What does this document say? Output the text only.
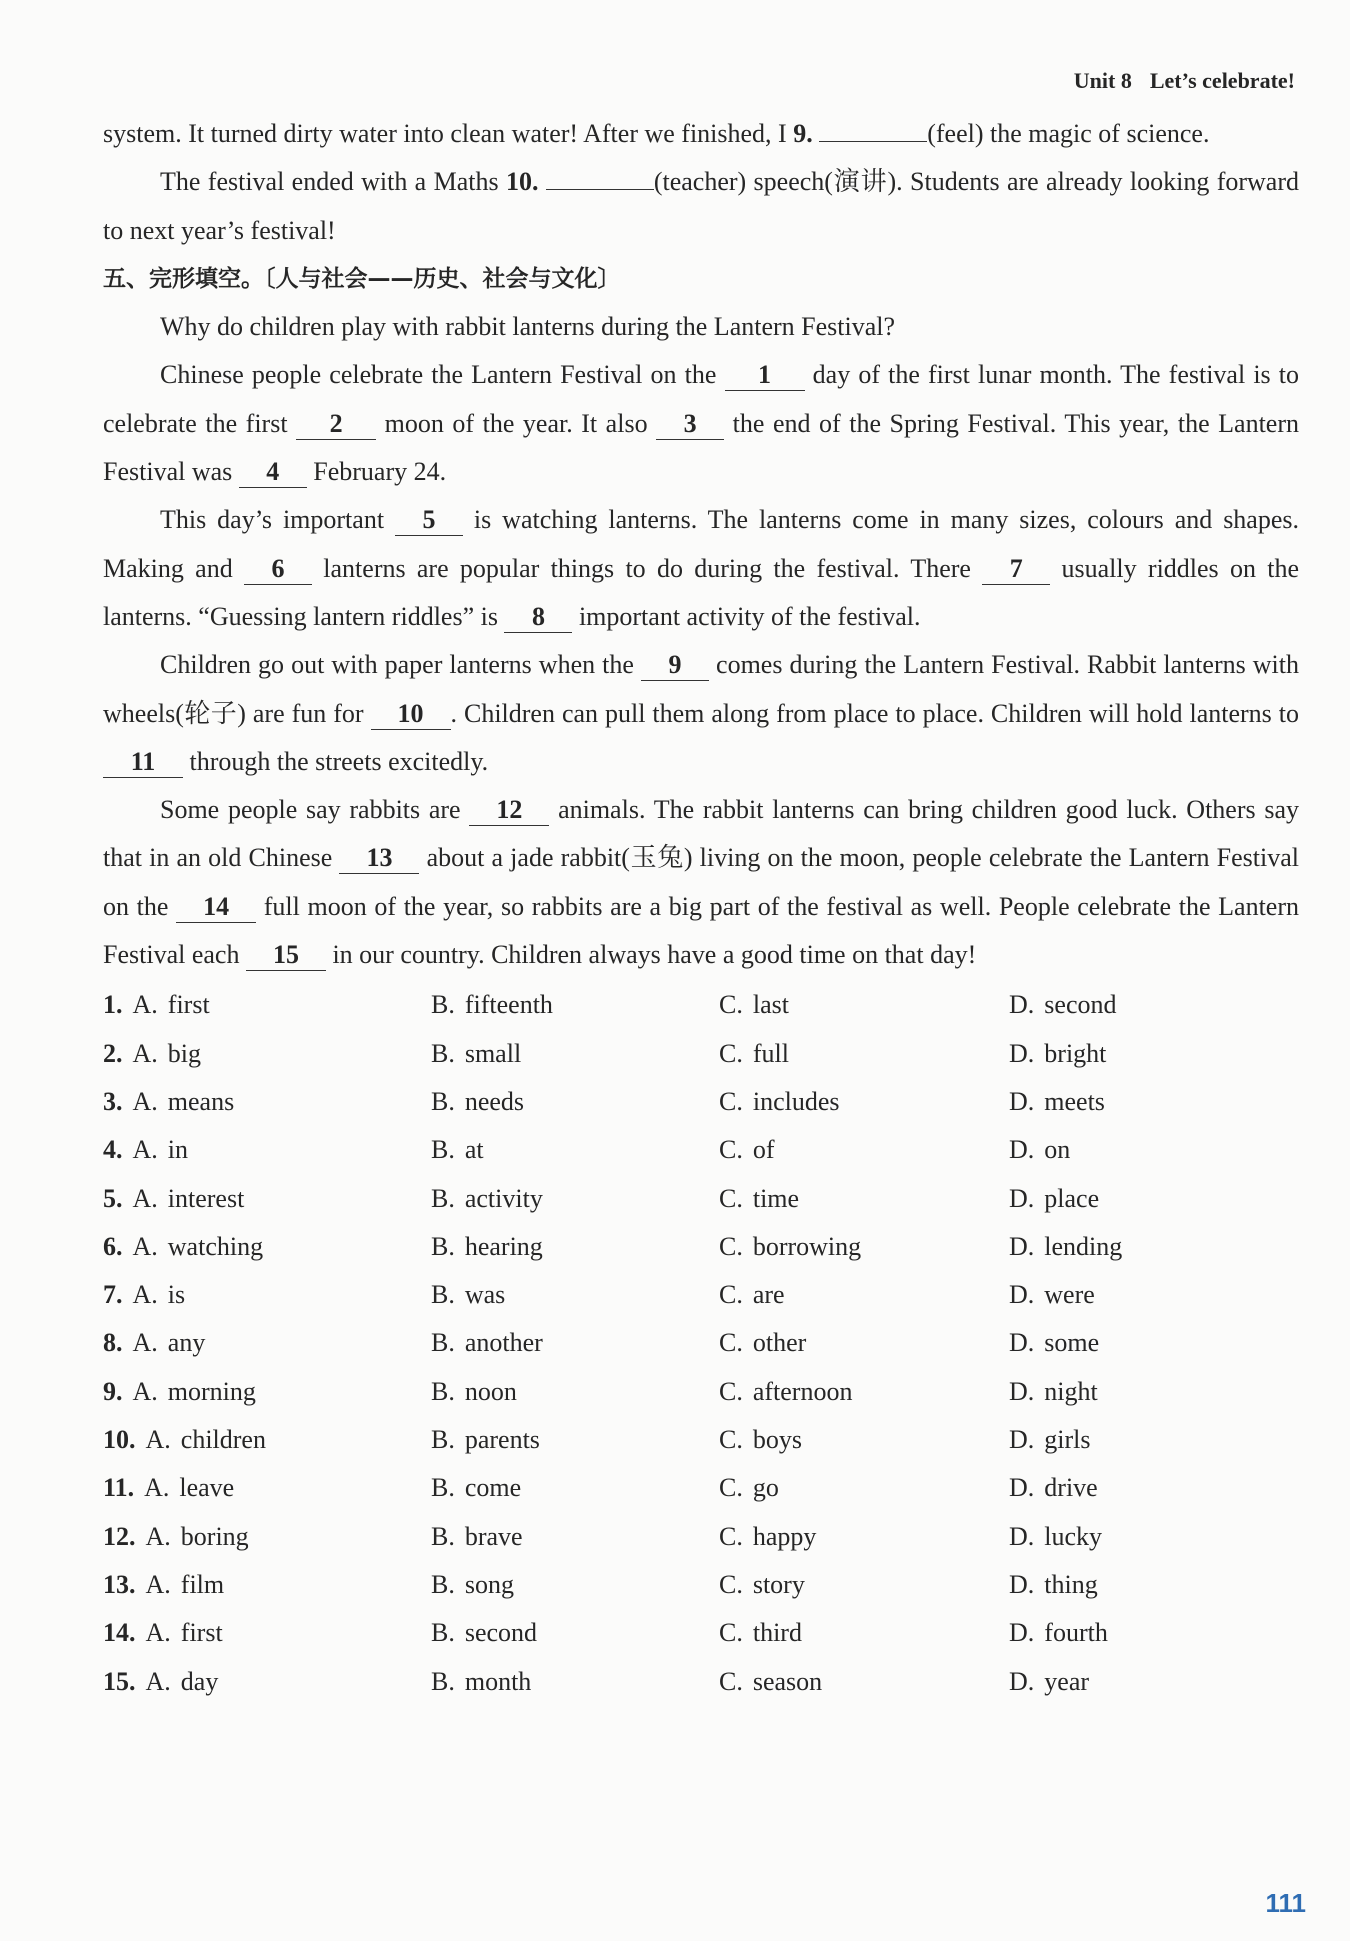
Unit 8 Let’s celebrate!

system. It turned dirty water into clean water! After we finished, I 9.	(feel) the magic of science.

The festival ended with a Maths 10.	(teacher) speech(演讲). Students are already looking forward to next year’s festival!

五、完形填空。〔人与社会——历史、社会与文化〕

Why do children play with rabbit lanterns during the Lantern Festival?

Chinese people celebrate the Lantern Festival on the 1 day of the first lunar month. The festival is to celebrate the first 2 moon of the year. It also 3 the end of the Spring Festival. This year, the Lantern Festival was 4 February 24.

This day’s important 5 is watching lanterns. The lanterns come in many sizes, colours and shapes. Making and 6 lanterns are popular things to do during the festival. There 7 usually riddles on the lanterns. “Guessing lantern riddles” is 8 important activity of the festival.

Children go out with paper lanterns when the 9 comes during the Lantern Festival. Rabbit lanterns with wheels(轮子) are fun for 10 . Children can pull them along from place to place. Children will hold lanterns to 11 through the streets excitedly.

Some people say rabbits are 12 animals. The rabbit lanterns can bring children good luck. Others say that in an old Chinese 13 about a jade rabbit(玉兔) living on the moon, people celebrate the Lantern Festival on the 14 full moon of the year, so rabbits are a big part of the festival as well. People celebrate the Lantern Festival each 15 in our country. Children always have a good time on that day!

1. A. first	B. fifteenth	C. last	D. second
2. A. big	B. small	C. full	D. bright
3. A. means	B. needs	C. includes	D. meets
4. A. in	B. at	C. of	D. on
5. A. interest	B. activity	C. time	D. place
6. A. watching	B. hearing	C. borrowing	D. lending
7. A. is	B. was	C. are	D. were
8. A. any	B. another	C. other	D. some
9. A. morning	B. noon	C. afternoon	D. night
10. A. children	B. parents	C. boys	D. girls
11. A. leave	B. come	C. go	D. drive
12. A. boring	B. brave	C. happy	D. lucky
13. A. film	B. song	C. story	D. thing
14. A. first	B. second	C. third	D. fourth
15. A. day	B. month	C. season	D. year
111
